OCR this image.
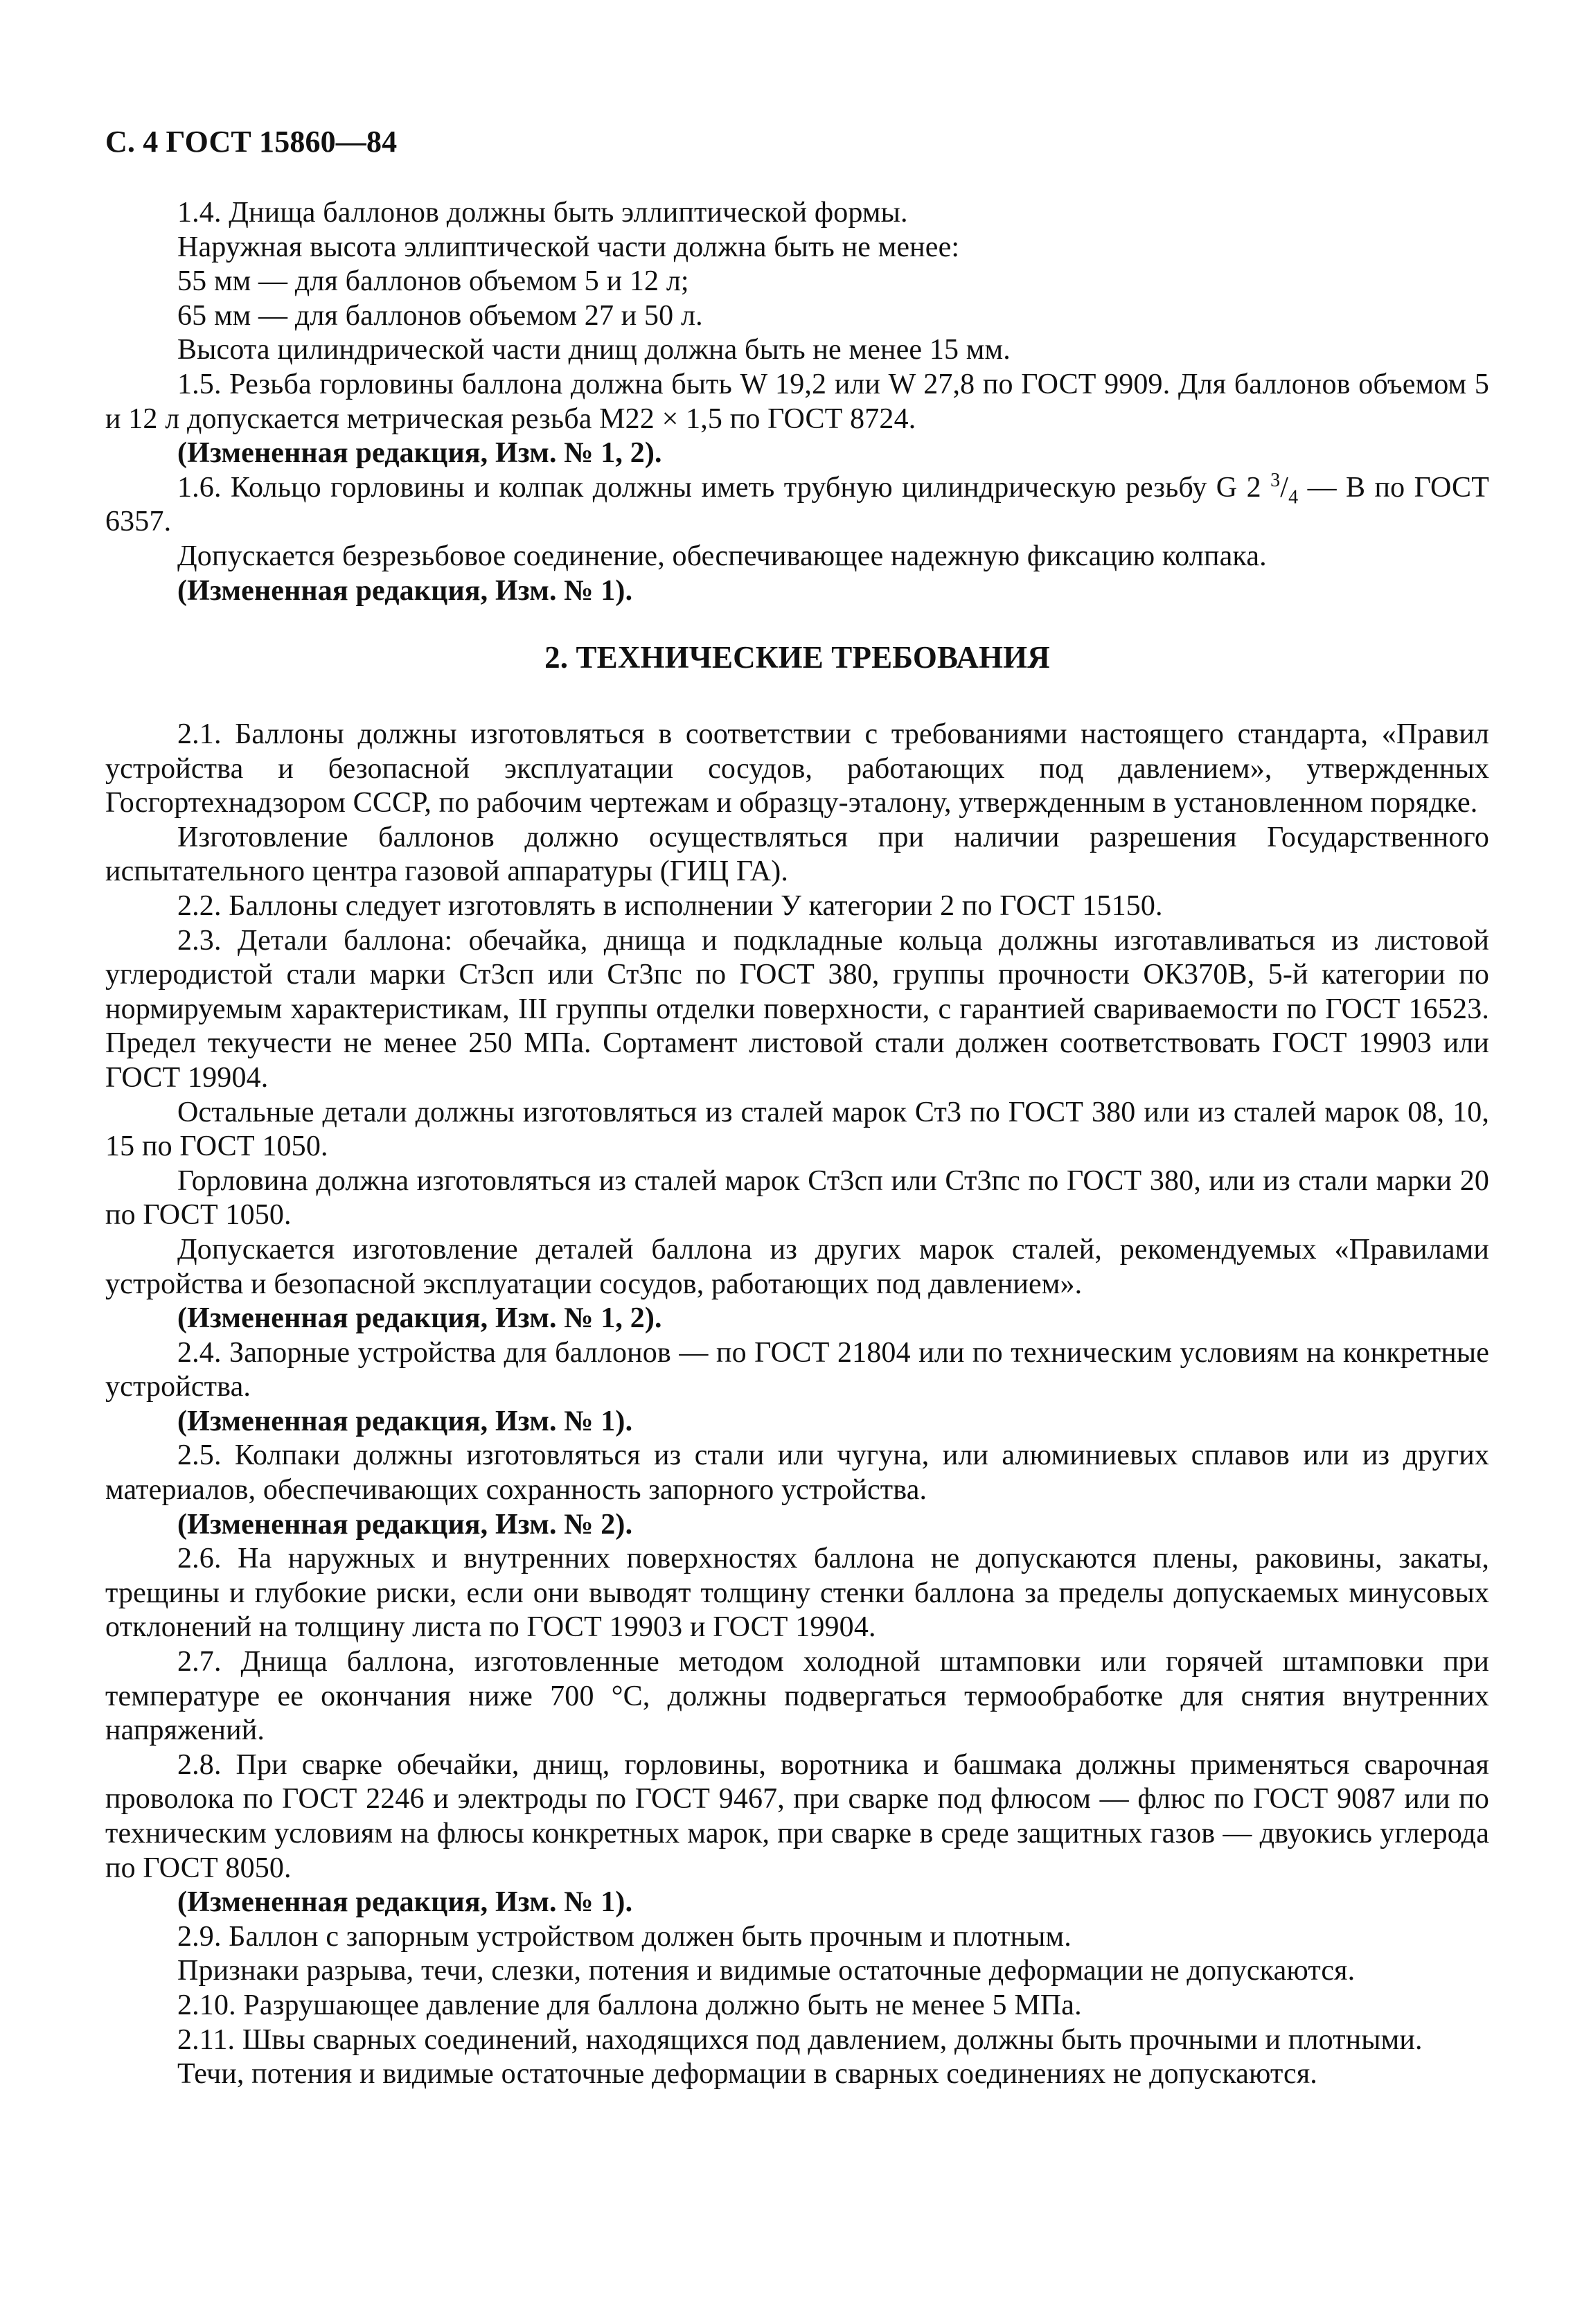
С. 4 ГОСТ 15860—84

1.4. Днища баллонов должны быть эллиптической формы.

Наружная высота эллиптической части должна быть не менее:

55 мм — для баллонов объемом 5 и 12 л;

65 мм — для баллонов объемом 27 и 50 л.

Высота цилиндрической части днищ должна быть не менее 15 мм.

1.5. Резьба горловины баллона должна быть W 19,2 или W 27,8 по ГОСТ 9909. Для баллонов объемом 5 и 12 л допускается метрическая резьба М22 × 1,5 по ГОСТ 8724.

(Измененная редакция, Изм. № 1, 2).

1.6. Кольцо горловины и колпак должны иметь трубную цилиндрическую резьбу G 2 $^3/_4$ — B по ГОСТ 6357.

Допускается безрезьбовое соединение, обеспечивающее надежную фиксацию колпака.

(Измененная редакция, Изм. № 1).

2. ТЕХНИЧЕСКИЕ ТРЕБОВАНИЯ

2.1. Баллоны должны изготовляться в соответствии с требованиями настоящего стандарта, «Правил устройства и безопасной эксплуатации сосудов, работающих под давлением», утвержденных Госгортехнадзором СССР, по рабочим чертежам и образцу-эталону, утвержденным в установленном порядке.

Изготовление баллонов должно осуществляться при наличии разрешения Государственного испытательного центра газовой аппаратуры (ГИЦ ГА).

2.2. Баллоны следует изготовлять в исполнении У категории 2 по ГОСТ 15150.

2.3. Детали баллона: обечайка, днища и подкладные кольца должны изготавливаться из листовой углеродистой стали марки Ст3сп или Ст3пс по ГОСТ 380, группы прочности ОК370В, 5-й категории по нормируемым характеристикам, III группы отделки поверхности, с гарантией свариваемости по ГОСТ 16523. Предел текучести не менее 250 МПа. Сортамент листовой стали должен соответствовать ГОСТ 19903 или ГОСТ 19904.

Остальные детали должны изготовляться из сталей марок Ст3 по ГОСТ 380 или из сталей марок 08, 10, 15 по ГОСТ 1050.

Горловина должна изготовляться из сталей марок Ст3сп или Ст3пс по ГОСТ 380, или из стали марки 20 по ГОСТ 1050.

Допускается изготовление деталей баллона из других марок сталей, рекомендуемых «Правилами устройства и безопасной эксплуатации сосудов, работающих под давлением».

(Измененная редакция, Изм. № 1, 2).

2.4. Запорные устройства для баллонов — по ГОСТ 21804 или по техническим условиям на конкретные устройства.

(Измененная редакция, Изм. № 1).

2.5. Колпаки должны изготовляться из стали или чугуна, или алюминиевых сплавов или из других материалов, обеспечивающих сохранность запорного устройства.

(Измененная редакция, Изм. № 2).

2.6. На наружных и внутренних поверхностях баллона не допускаются плены, раковины, закаты, трещины и глубокие риски, если они выводят толщину стенки баллона за пределы допускаемых минусовых отклонений на толщину листа по ГОСТ 19903 и ГОСТ 19904.

2.7. Днища баллона, изготовленные методом холодной штамповки или горячей штамповки при температуре ее окончания ниже 700 °С, должны подвергаться термообработке для снятия внутренних напряжений.

2.8. При сварке обечайки, днищ, горловины, воротника и башмака должны применяться сварочная проволока по ГОСТ 2246 и электроды по ГОСТ 9467, при сварке под флюсом — флюс по ГОСТ 9087 или по техническим условиям на флюсы конкретных марок, при сварке в среде защитных газов — двуокись углерода по ГОСТ 8050.

(Измененная редакция, Изм. № 1).

2.9. Баллон с запорным устройством должен быть прочным и плотным.

Признаки разрыва, течи, слезки, потения и видимые остаточные деформации не допускаются.

2.10. Разрушающее давление для баллона должно быть не менее 5 МПа.

2.11. Швы сварных соединений, находящихся под давлением, должны быть прочными и плотными.

Течи, потения и видимые остаточные деформации в сварных соединениях не допускаются.
